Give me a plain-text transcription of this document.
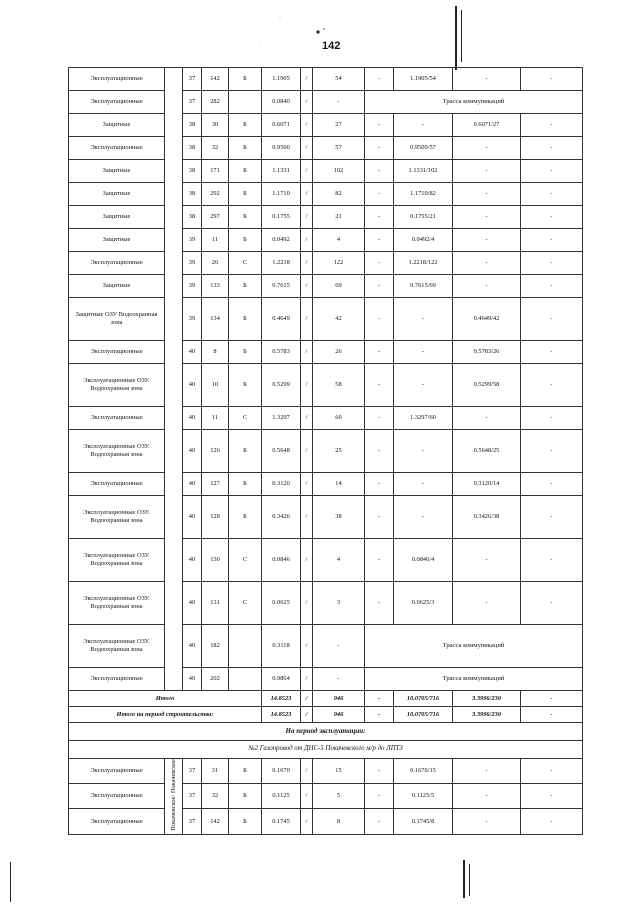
142
Эксплуатационные		37	142	Б	1.1905	/	54	-	1.1905/54	-	-
Эксплуатационные		37	282		0.0840	/	-	Трасса коммуникаций			
Защитные		38	30	Б	0.6071	/	27	-	-	0.6071/27	-
Эксплуатационные		38	32	Б	0.9500	/	57	-	0.9500/57	-	-
Защитные		38	171	Б	1.1331	/	102	-	1.1331/102	-	-
Защитные		38	292	Б	1.1710	/	82	-	1.1710/82	-	-
Защитные		38	297	Б	0.1755	/	21	-	0.1755/21	-	-
Защитные		39	11	Б	0.0492	/	4	-	0.0492/4	-	-
Эксплуатационные		39	26	С	1.2218	/	122	-	1.2218/122	-	-
Защитные		39	133	Б	0.7615	/	69	-	0.7615/69	-	-
Защитные ОЗУ Водоохранная зона		39	134	Б	0.4649	/	42	-	-	0.4649/42	-
Эксплуатационные		40	8	Б	0.5783	/	26	-	-	0.5783/26	-
Эксплуатационные ОЗУ. Водоохранная зона		40	10	Б	0.5299	/	58	-	-	0.5299/58	-
Эксплуатационные		40	11	С	1.3297	/	60	-	1.3297/60	-	-
Эксплуатационные ОЗУ. Водоохранная зона		40	126	Б	0.5648	/	25	-	-	0.5648/25	-
Эксплуатационные		40	127	Б	0.3120	/	14	-	-	0.3120/14	-
Эксплуатационные ОЗУ. Водоохранная зона		40	128	Б	0.3426	/	38	-	-	0.3426/38	-
Эксплуатационные ОЗУ. Водоохранная зона		40	130	С	0.0846	/	4	-	0.0846/4	-	-
Эксплуатационные ОЗУ. Водоохранная зона		40	131	С	0.0625	/	3	-	0.0625/3	-	-
Эксплуатационные ОЗУ. Водоохранная зона		40	182		0.3118	/	-	Трасса коммуникаций			
Эксплуатационные		40	202		0.9864	/	-	Трасса коммуникаций			
Итого					14.8523	/	946	-	10.0705/716	3.3996/230	-
Итого на период строительства:					14.8523	/	946	-	10.0705/716	3.3996/230	-
На период эксплуатации:											
№2 Газопровод от ДНС-5 Покачевского м/р до ЛПТЗ											
Эксплуатационные	Покачевское/ Покачевское	37	31	Б	0.1670	/	15	-	0.1670/15	-	-
Эксплуатационные		37	32	Б	0.1125	/	5	-	0.1125/5	-	-
Эксплуатационные		37	142	Б	0.1745	/	8	-	0.1745/8	-	-
